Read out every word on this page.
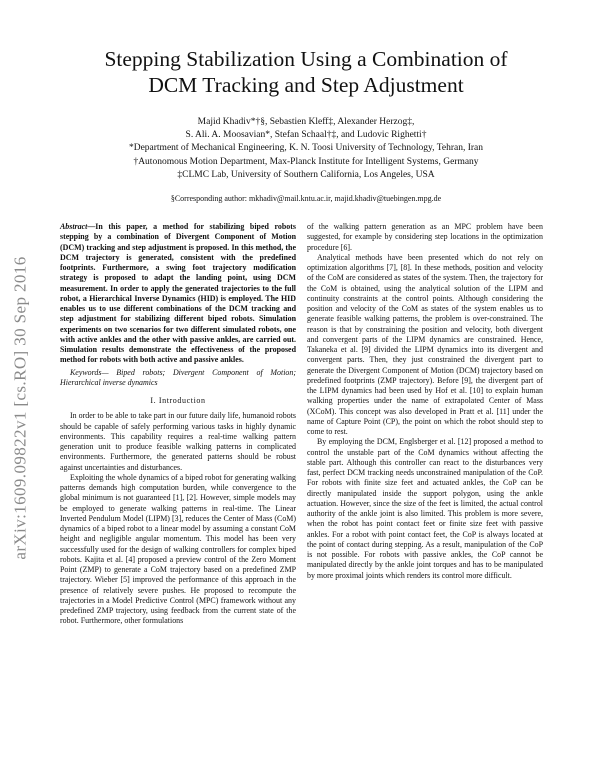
arXiv:1609.09822v1 [cs.RO] 30 Sep 2016
Stepping Stabilization Using a Combination of
DCM Tracking and Step Adjustment
Majid Khadiv*†§, Sebastien Kleff‡, Alexander Herzog‡,
S. Ali. A. Moosavian*, Stefan Schaal†‡, and Ludovic Righetti†
*Department of Mechanical Engineering, K. N. Toosi University of Technology, Tehran, Iran
†Autonomous Motion Department, Max-Planck Institute for Intelligent Systems, Germany
‡CLMC Lab, University of Southern California, Los Angeles, USA
§Corresponding author: mkhadiv@mail.kntu.ac.ir, majid.khadiv@tuebingen.mpg.de

Abstract—In this paper, a method for stabilizing biped robots stepping by a combination of Divergent Component of Motion (DCM) tracking and step adjustment is proposed. In this method, the DCM trajectory is generated, consistent with the predefined footprints. Furthermore, a swing foot trajectory modification strategy is proposed to adapt the landing point, using DCM measurement. In order to apply the generated trajectories to the full robot, a Hierarchical Inverse Dynamics (HID) is employed. The HID enables us to use different combinations of the DCM tracking and step adjustment for stabilizing different biped robots. Simulation experiments on two scenarios for two different simulated robots, one with active ankles and the other with passive ankles, are carried out. Simulation results demonstrate the effectiveness of the proposed method for robots with both active and passive ankles.

Keywords— Biped robots; Divergent Component of Motion; Hierarchical inverse dynamics

I. Introduction

In order to be able to take part in our future daily life, humanoid robots should be capable of safely performing various tasks in highly dynamic environments. This capability requires a real-time walking pattern generation unit to produce feasible walking patterns in complicated environments. Furthermore, the generated patterns should be robust against uncertainties and disturbances.

Exploiting the whole dynamics of a biped robot for generating walking patterns demands high computation burden, while convergence to the global minimum is not guaranteed [1], [2]. However, simple models may be employed to generate walking patterns in real-time. The Linear Inverted Pendulum Model (LIPM) [3], reduces the Center of Mass (CoM) dynamics of a biped robot to a linear model by assuming a constant CoM height and negligible angular momentum. This model has been very successfully used for the design of walking controllers for complex biped robots. Kajita et al. [4] proposed a preview control of the Zero Moment Point (ZMP) to generate a CoM trajectory based on a predefined ZMP trajectory. Wieber [5] improved the performance of this approach in the presence of relatively severe pushes. He proposed to recompute the trajectories in a Model Predictive Control (MPC) framework without any predefined ZMP trajectory, using feedback from the current state of the robot. Furthermore, other formulations

of the walking pattern generation as an MPC problem have been suggested, for example by considering step locations in the optimization procedure [6].

Analytical methods have been presented which do not rely on optimization algorithms [7], [8]. In these methods, position and velocity of the CoM are considered as states of the system. Then, the trajectory for the CoM is obtained, using the analytical solution of the LIPM and continuity constraints at the control points. Although considering the position and velocity of the CoM as states of the system enables us to generate feasible walking patterns, the problem is over-constrained. The reason is that by constraining the position and velocity, both divergent and convergent parts of the LIPM dynamics are constrained. Hence, Takaneka et al. [9] divided the LIPM dynamics into its divergent and convergent parts. Then, they just constrained the divergent part to generate the Divergent Component of Motion (DCM) trajectory based on predefined footprints (ZMP trajectory). Before [9], the divergent part of the LIPM dynamics had been used by Hof et al. [10] to explain human walking properties under the name of extrapolated Center of Mass (XCoM). This concept was also developed in Pratt et al. [11] under the name of Capture Point (CP), the point on which the robot should step to come to rest.

By employing the DCM, Englsberger et al. [12] proposed a method to control the unstable part of the CoM dynamics without affecting the stable part. Although this controller can react to the disturbances very fast, perfect DCM tracking needs unconstrained manipulation of the CoP. For robots with finite size feet and actuated ankles, the CoP can be directly manipulated inside the support polygon, using the ankle actuation. However, since the size of the feet is limited, the actual control authority of the ankle joint is also limited. This problem is more severe, when the robot has point contact feet or finite size feet with passive ankles. For a robot with point contact feet, the CoP is always located at the point of contact during stepping. As a result, manipulation of the CoP is not possible. For robots with passive ankles, the CoP cannot be manipulated directly by the ankle joint torques and has to be manipulated by more proximal joints which renders its control more difficult.
